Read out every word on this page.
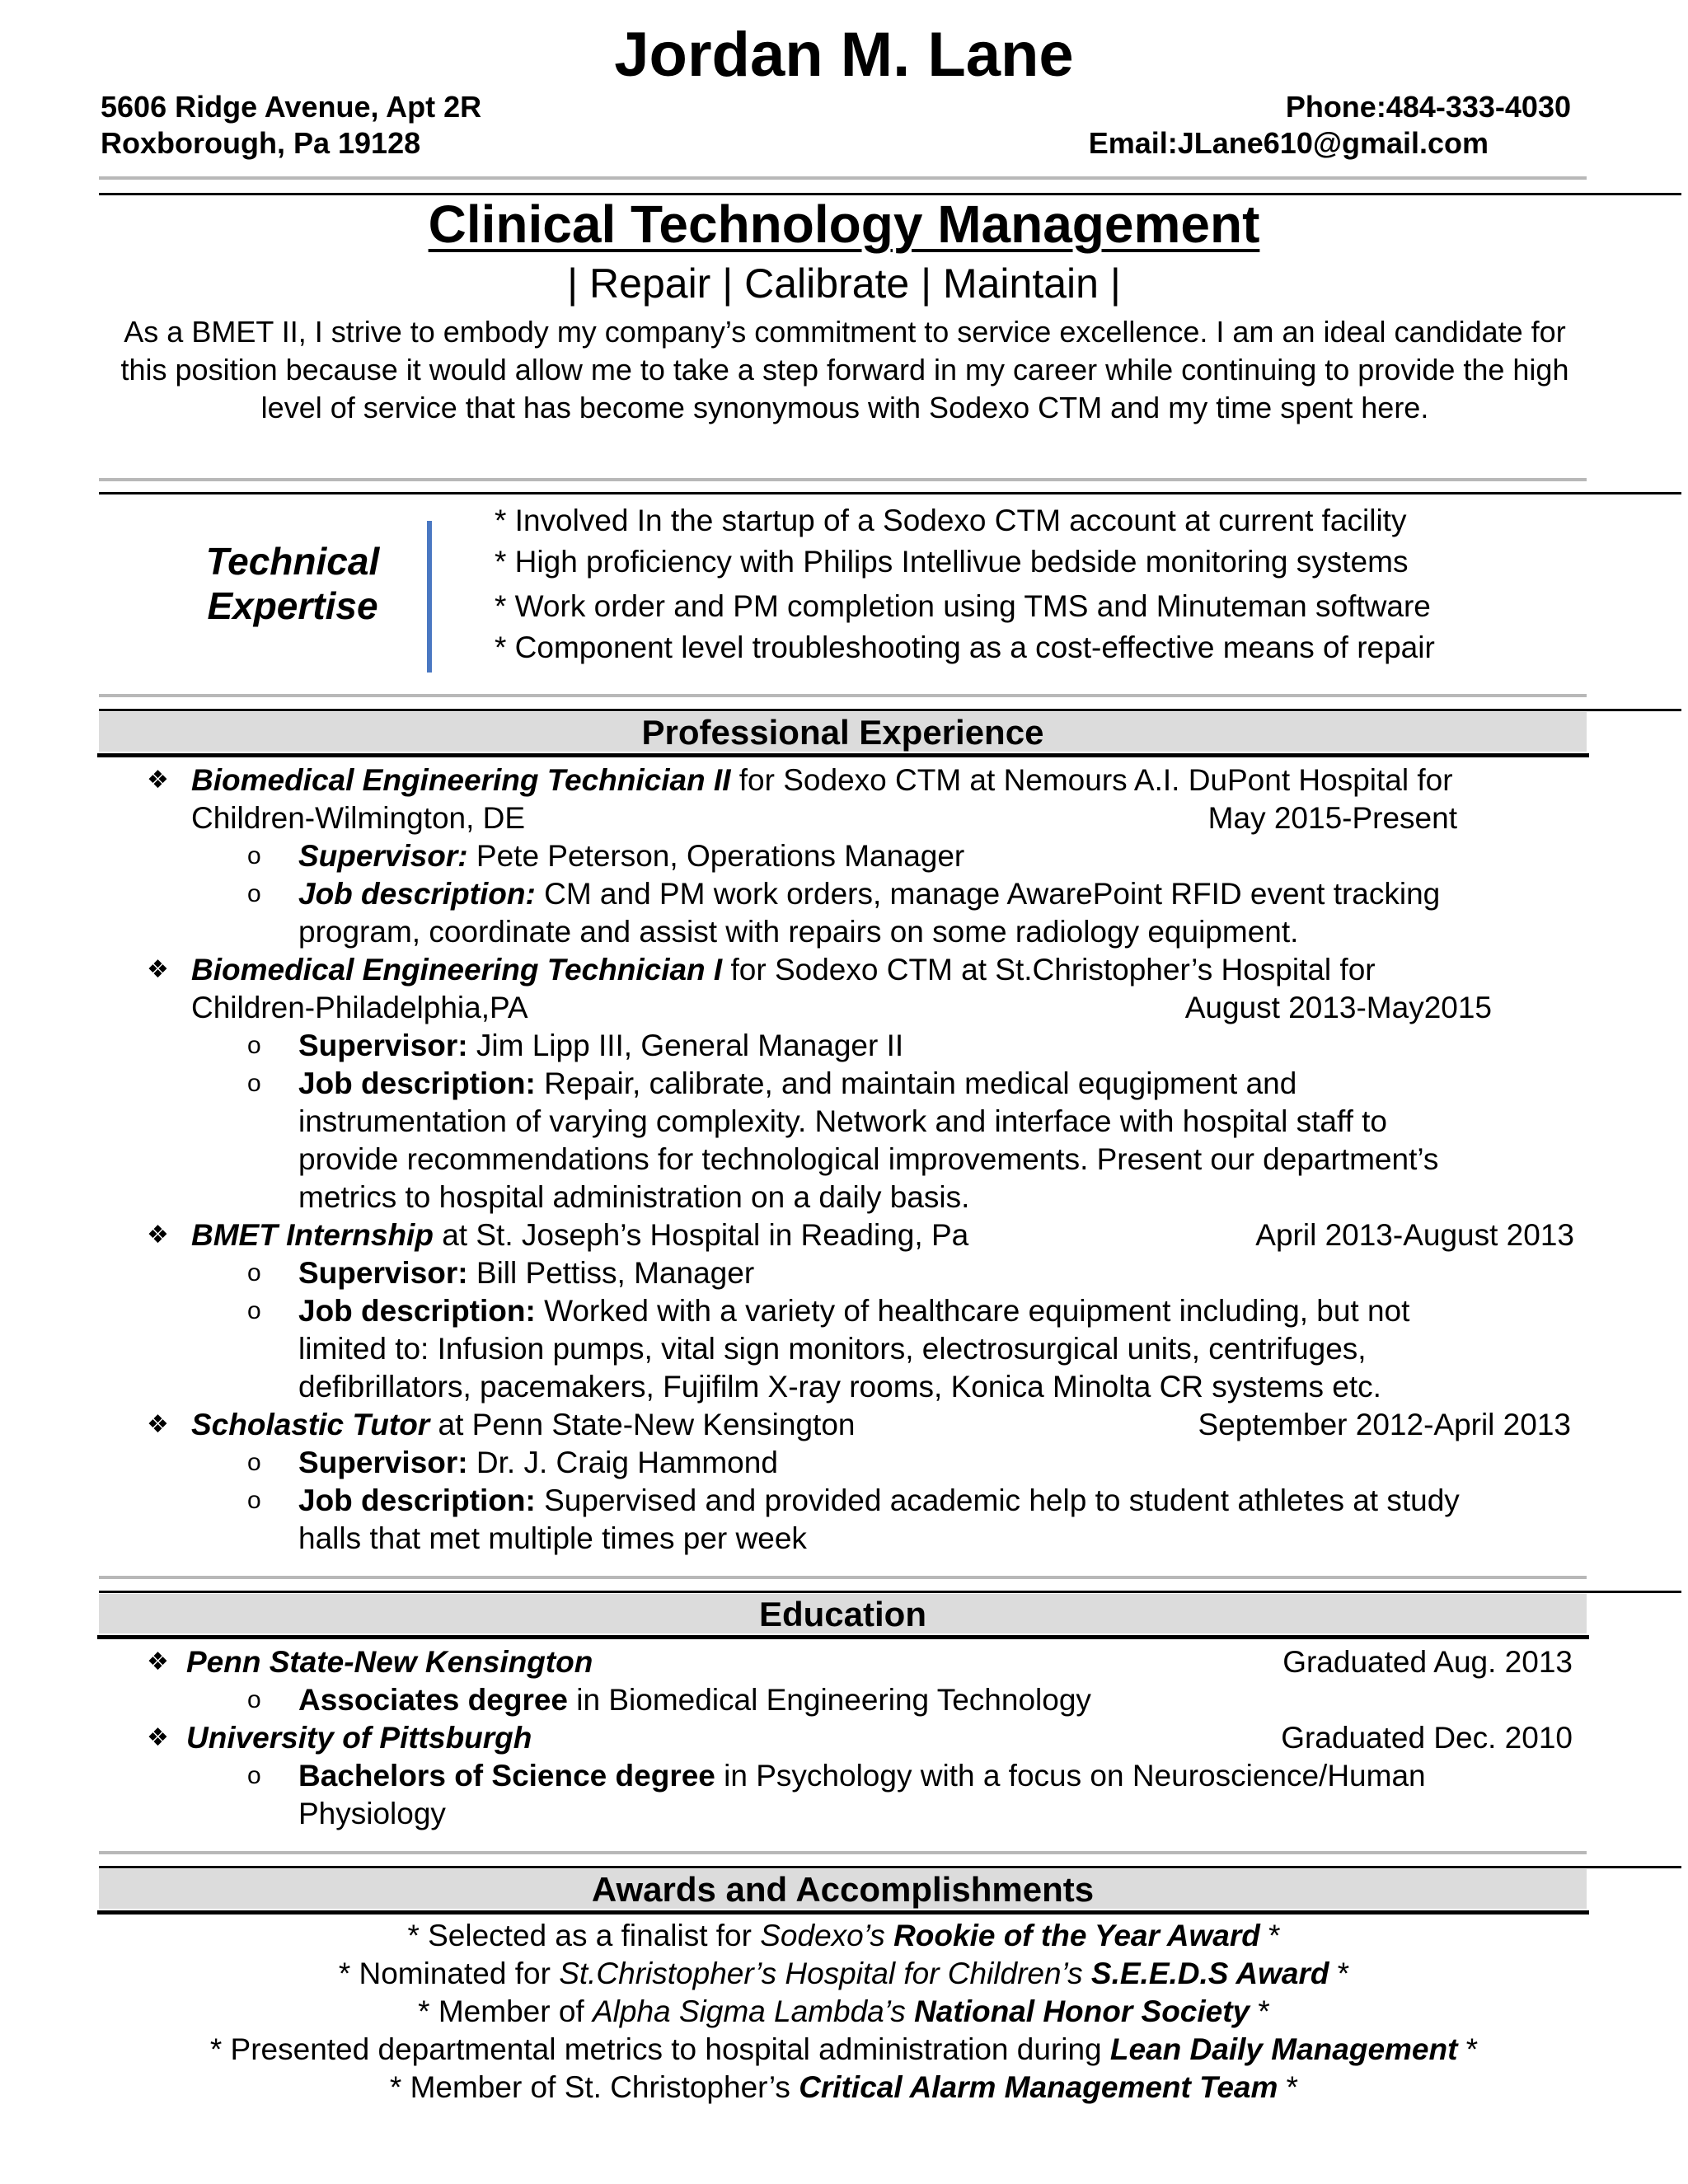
Jordan M. Lane
5606 Ridge Avenue, Apt 2R
Roxborough, Pa 19128
Phone:484-333-4030
Email:JLane610@gmail.com
Clinical Technology Management
| Repair | Calibrate | Maintain |
As a BMET II, I strive to embody my company’s commitment to service excellence. I am an ideal candidate for this position because it would allow me to take a step forward in my career while continuing to provide the high level of service that has become synonymous with Sodexo CTM and my time spent here.
Technical
Expertise
* Involved In the startup of a Sodexo CTM account at current facility
* High proficiency with Philips Intellivue bedside monitoring systems
* Work order and PM completion using TMS and Minuteman software
* Component level troubleshooting as a cost-effective means of repair
Professional Experience
❖ Biomedical Engineering Technician II for Sodexo CTM at Nemours A.I. DuPont Hospital for
Children-Wilmington, DE	May 2015-Present
o Supervisor: Pete Peterson, Operations Manager
o Job description: CM and PM work orders, manage AwarePoint RFID event tracking
program, coordinate and assist with repairs on some radiology equipment.
❖ Biomedical Engineering Technician I for Sodexo CTM at St.Christopher’s Hospital for
Children-Philadelphia,PA	August 2013-May2015
o Supervisor: Jim Lipp III, General Manager II
o Job description: Repair, calibrate, and maintain medical equgipment and
instrumentation of varying complexity. Network and interface with hospital staff to
provide recommendations for technological improvements. Present our department’s
metrics to hospital administration on a daily basis.
❖ BMET Internship at St. Joseph’s Hospital in Reading, Pa	April 2013-August 2013
o Supervisor: Bill Pettiss, Manager
o Job description: Worked with a variety of healthcare equipment including, but not
limited to: Infusion pumps, vital sign monitors, electrosurgical units, centrifuges,
defibrillators, pacemakers, Fujifilm X-ray rooms, Konica Minolta CR systems etc.
❖ Scholastic Tutor at Penn State-New Kensington	September 2012-April 2013
o Supervisor: Dr. J. Craig Hammond
o Job description: Supervised and provided academic help to student athletes at study
halls that met multiple times per week
Education
❖ Penn State-New Kensington	Graduated Aug. 2013
o Associates degree in Biomedical Engineering Technology
❖ University of Pittsburgh	Graduated Dec. 2010
o Bachelors of Science degree in Psychology with a focus on Neuroscience/Human
Physiology
Awards and Accomplishments
* Selected as a finalist for Sodexo’s Rookie of the Year Award *
* Nominated for St.Christopher’s Hospital for Children’s S.E.E.D.S Award *
* Member of Alpha Sigma Lambda’s National Honor Society *
* Presented departmental metrics to hospital administration during Lean Daily Management *
* Member of St. Christopher’s Critical Alarm Management Team *
